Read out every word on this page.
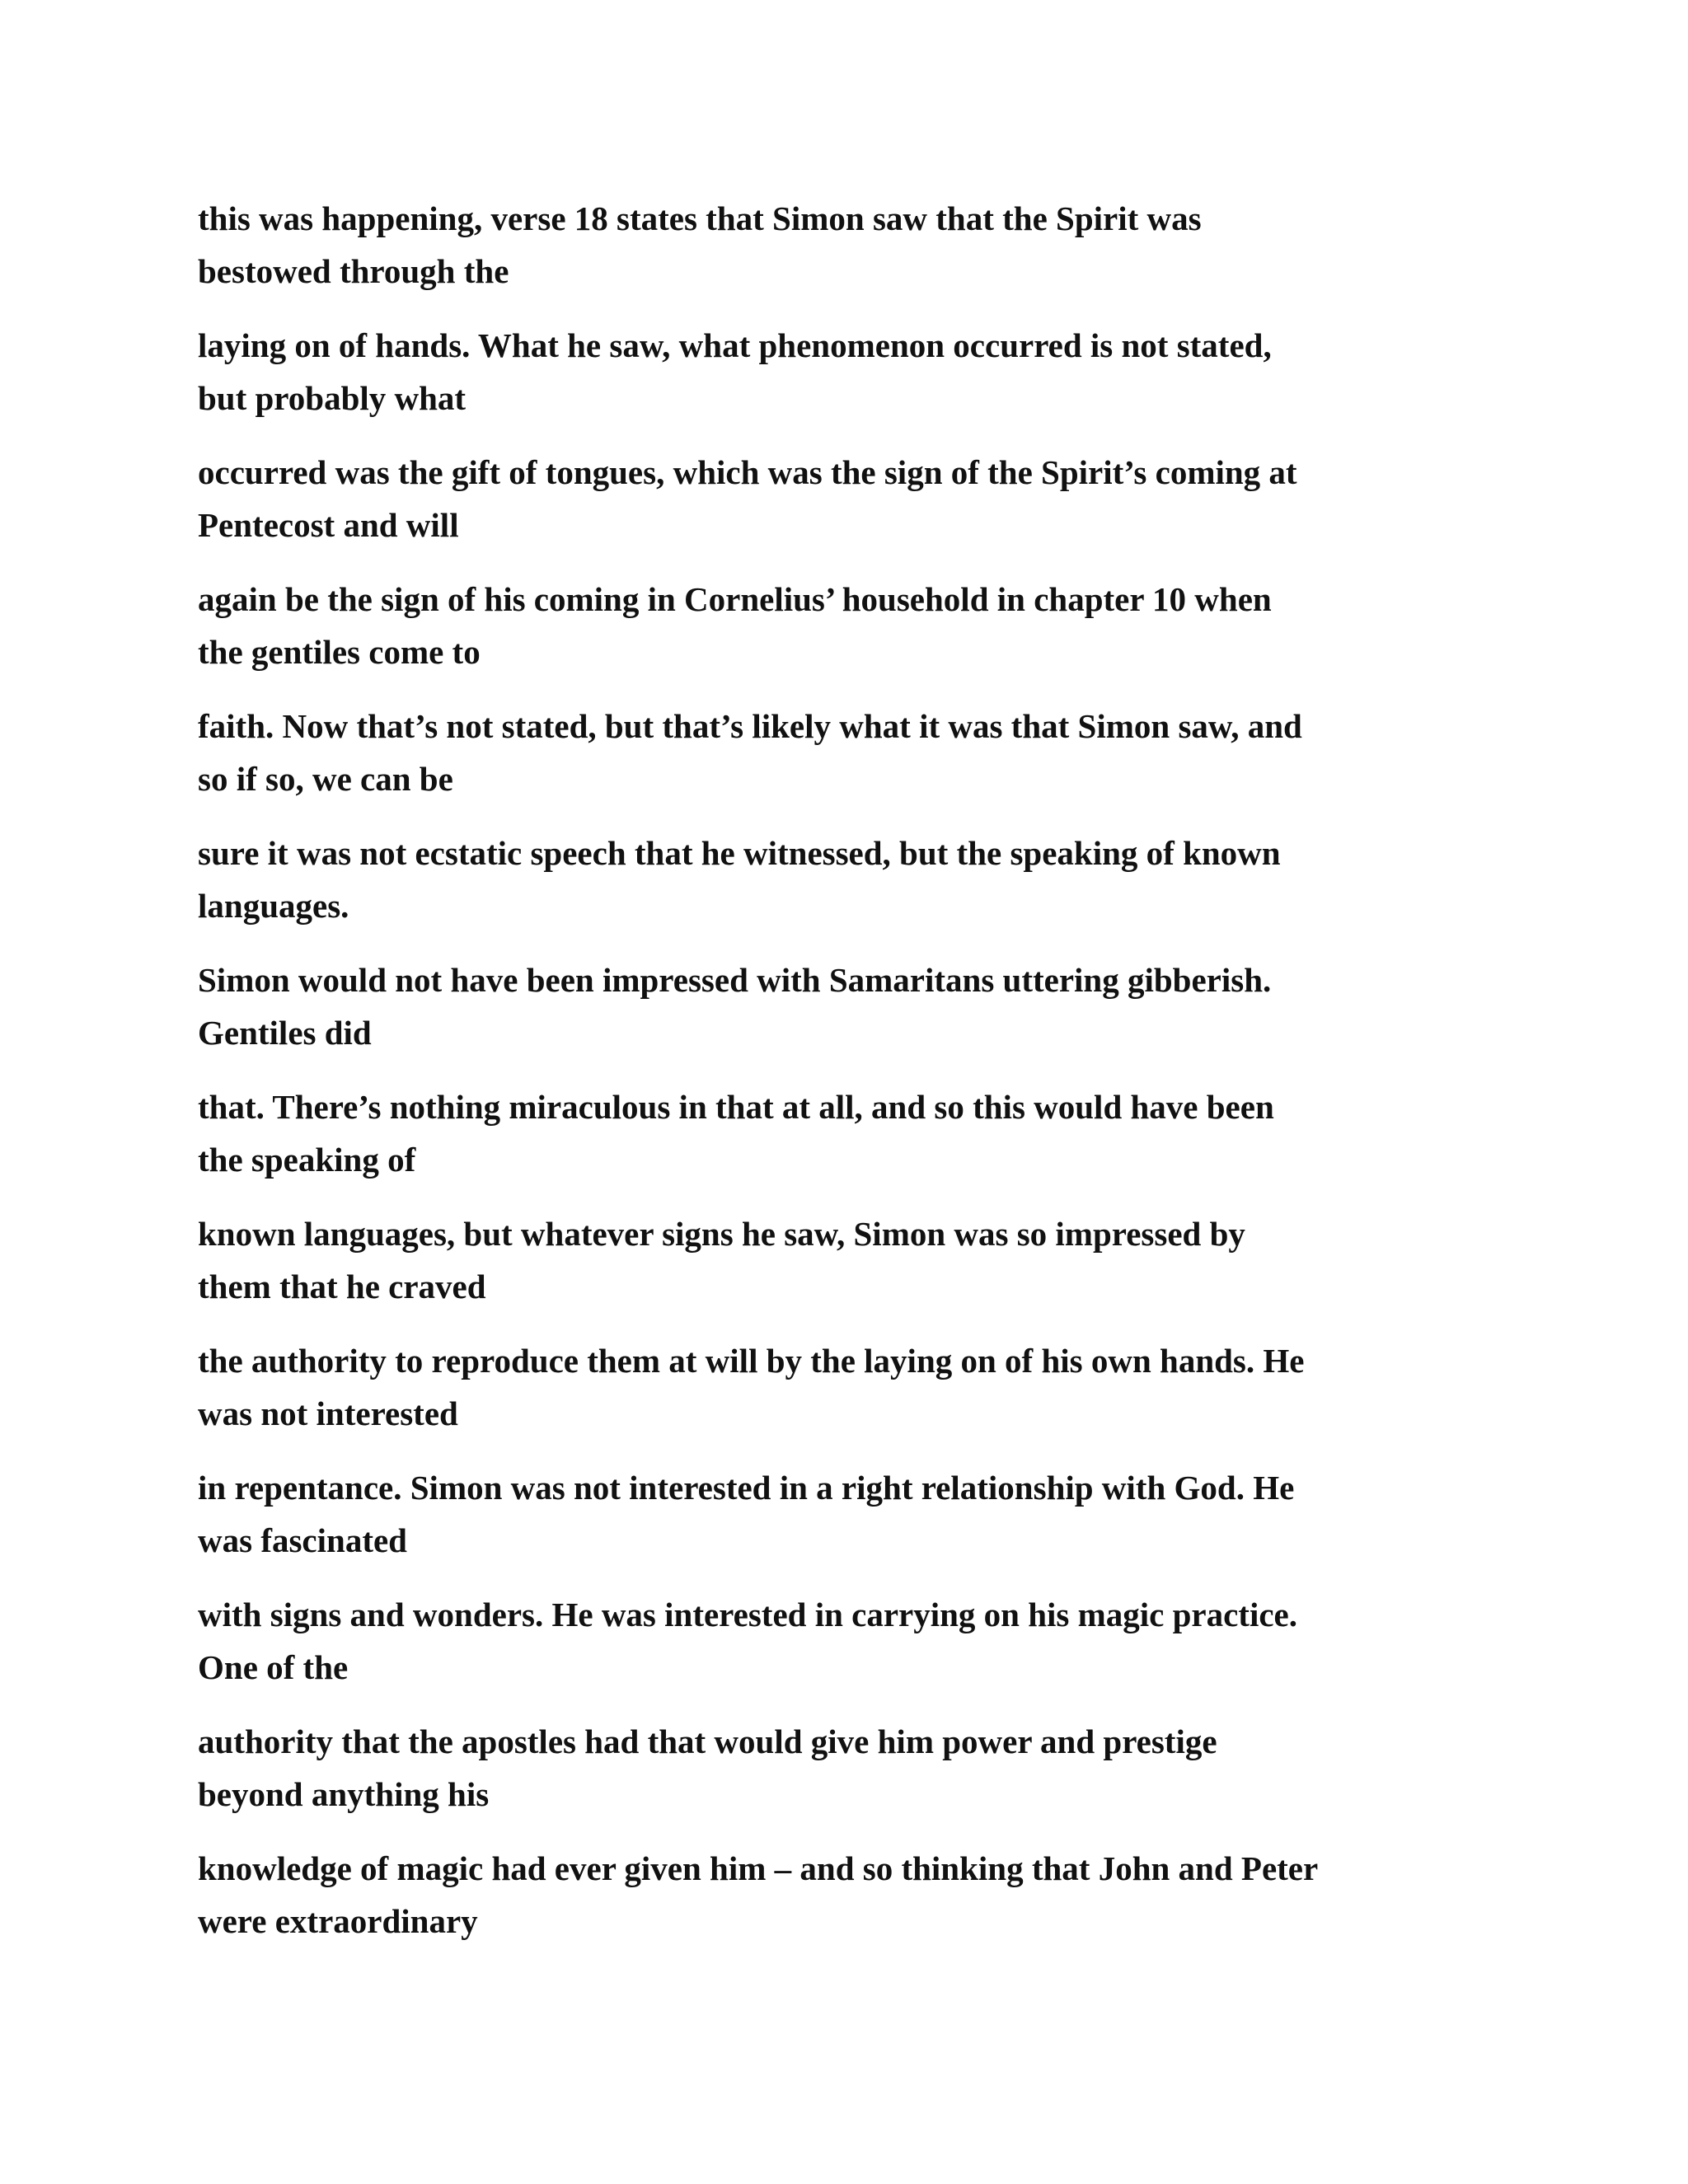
this was happening, verse 18 states that Simon saw that the Spirit was
bestowed through the

laying on of hands. What he saw, what phenomenon occurred is not stated,
but probably what

occurred was the gift of tongues, which was the sign of the Spirit’s coming at
Pentecost and will

again be the sign of his coming in Cornelius’ household in chapter 10 when
the gentiles come to

faith. Now that’s not stated, but that’s likely what it was that Simon saw, and
so if so, we can be

sure it was not ecstatic speech that he witnessed, but the speaking of known
languages.

Simon would not have been impressed with Samaritans uttering gibberish.
Gentiles did

that. There’s nothing miraculous in that at all, and so this would have been
the speaking of

known languages, but whatever signs he saw, Simon was so impressed by
them that he craved

the authority to reproduce them at will by the laying on of his own hands. He
was not interested

in repentance. Simon was not interested in a right relationship with God. He
was fascinated

with signs and wonders. He was interested in carrying on his magic practice.
One of the

authority that the apostles had that would give him power and prestige
beyond anything his

knowledge of magic had ever given him – and so thinking that John and Peter
were extraordinary
